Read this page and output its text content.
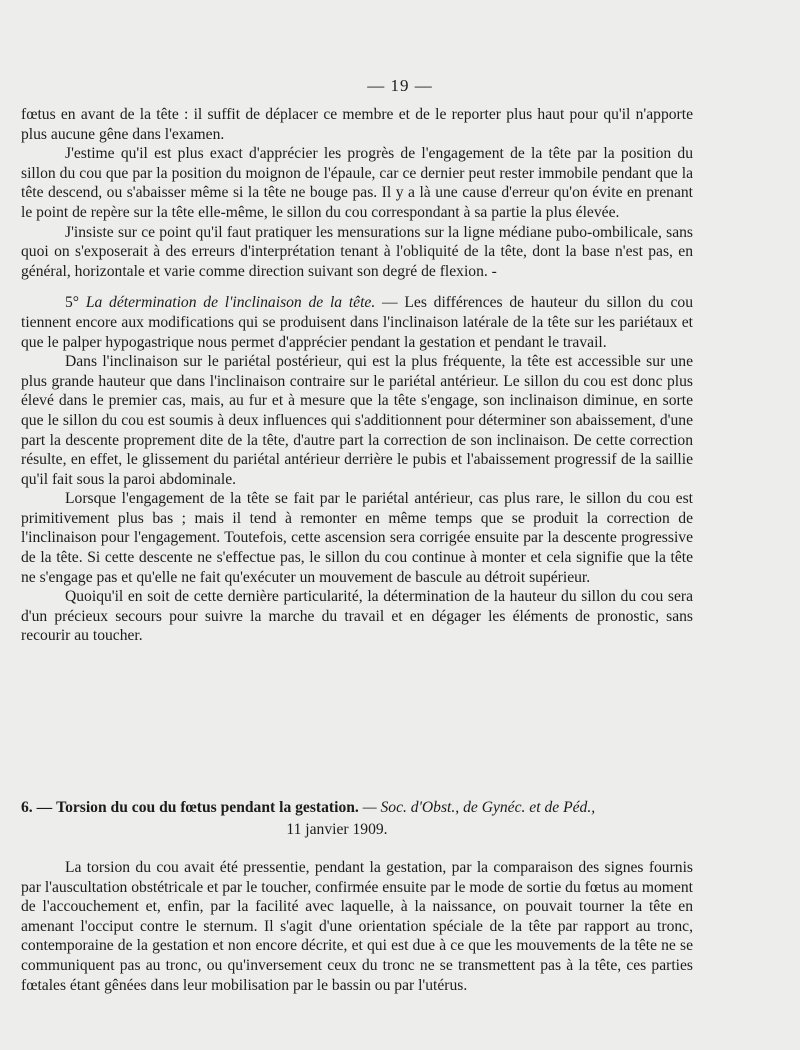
— 19 —

fœtus en avant de la tête : il suffit de déplacer ce membre et de le reporter plus haut pour qu'il n'apporte plus aucune gêne dans l'examen.

J'estime qu'il est plus exact d'apprécier les progrès de l'engagement de la tête par la position du sillon du cou que par la position du moignon de l'épaule, car ce dernier peut rester immobile pendant que la tête descend, ou s'abaisser même si la tête ne bouge pas. Il y a là une cause d'erreur qu'on évite en prenant le point de repère sur la tête elle-même, le sillon du cou correspondant à sa partie la plus élevée.

J'insiste sur ce point qu'il faut pratiquer les mensurations sur la ligne médiane pubo-ombilicale, sans quoi on s'exposerait à des erreurs d'interprétation tenant à l'obliquité de la tête, dont la base n'est pas, en général, horizontale et varie comme direction suivant son degré de flexion. -

5° La détermination de l'inclinaison de la tête. — Les différences de hauteur du sillon du cou tiennent encore aux modifications qui se produisent dans l'inclinaison latérale de la tête sur les pariétaux et que le palper hypogastrique nous permet d'apprécier pendant la gestation et pendant le travail.

Dans l'inclinaison sur le pariétal postérieur, qui est la plus fréquente, la tête est accessible sur une plus grande hauteur que dans l'inclinaison contraire sur le pariétal antérieur. Le sillon du cou est donc plus élevé dans le premier cas, mais, au fur et à mesure que la tête s'engage, son inclinaison diminue, en sorte que le sillon du cou est soumis à deux influences qui s'additionnent pour déterminer son abaissement, d'une part la descente proprement dite de la tête, d'autre part la correction de son inclinaison. De cette correction résulte, en effet, le glissement du pariétal antérieur derrière le pubis et l'abaissement progressif de la saillie qu'il fait sous la paroi abdominale.

Lorsque l'engagement de la tête se fait par le pariétal antérieur, cas plus rare, le sillon du cou est primitivement plus bas ; mais il tend à remonter en même temps que se produit la correction de l'inclinaison pour l'engagement. Toutefois, cette ascension sera corrigée ensuite par la descente progressive de la tête. Si cette descente ne s'effectue pas, le sillon du cou continue à monter et cela signifie que la tête ne s'engage pas et qu'elle ne fait qu'exécuter un mouvement de bascule au détroit supérieur.

Quoiqu'il en soit de cette dernière particularité, la détermination de la hauteur du sillon du cou sera d'un précieux secours pour suivre la marche du travail et en dégager les éléments de pronostic, sans recourir au toucher.

6. — Torsion du cou du fœtus pendant la gestation. — Soc. d'Obst., de Gynéc. et de Péd.,
11 janvier 1909.

La torsion du cou avait été pressentie, pendant la gestation, par la comparaison des signes fournis par l'auscultation obstétricale et par le toucher, confirmée ensuite par le mode de sortie du fœtus au moment de l'accouchement et, enfin, par la facilité avec laquelle, à la naissance, on pouvait tourner la tête en amenant l'occiput contre le sternum. Il s'agit d'une orientation spéciale de la tête par rapport au tronc, contemporaine de la gestation et non encore décrite, et qui est due à ce que les mouvements de la tête ne se communiquent pas au tronc, ou qu'inversement ceux du tronc ne se transmettent pas à la tête, ces parties fœtales étant gênées dans leur mobilisation par le bassin ou par l'utérus.
